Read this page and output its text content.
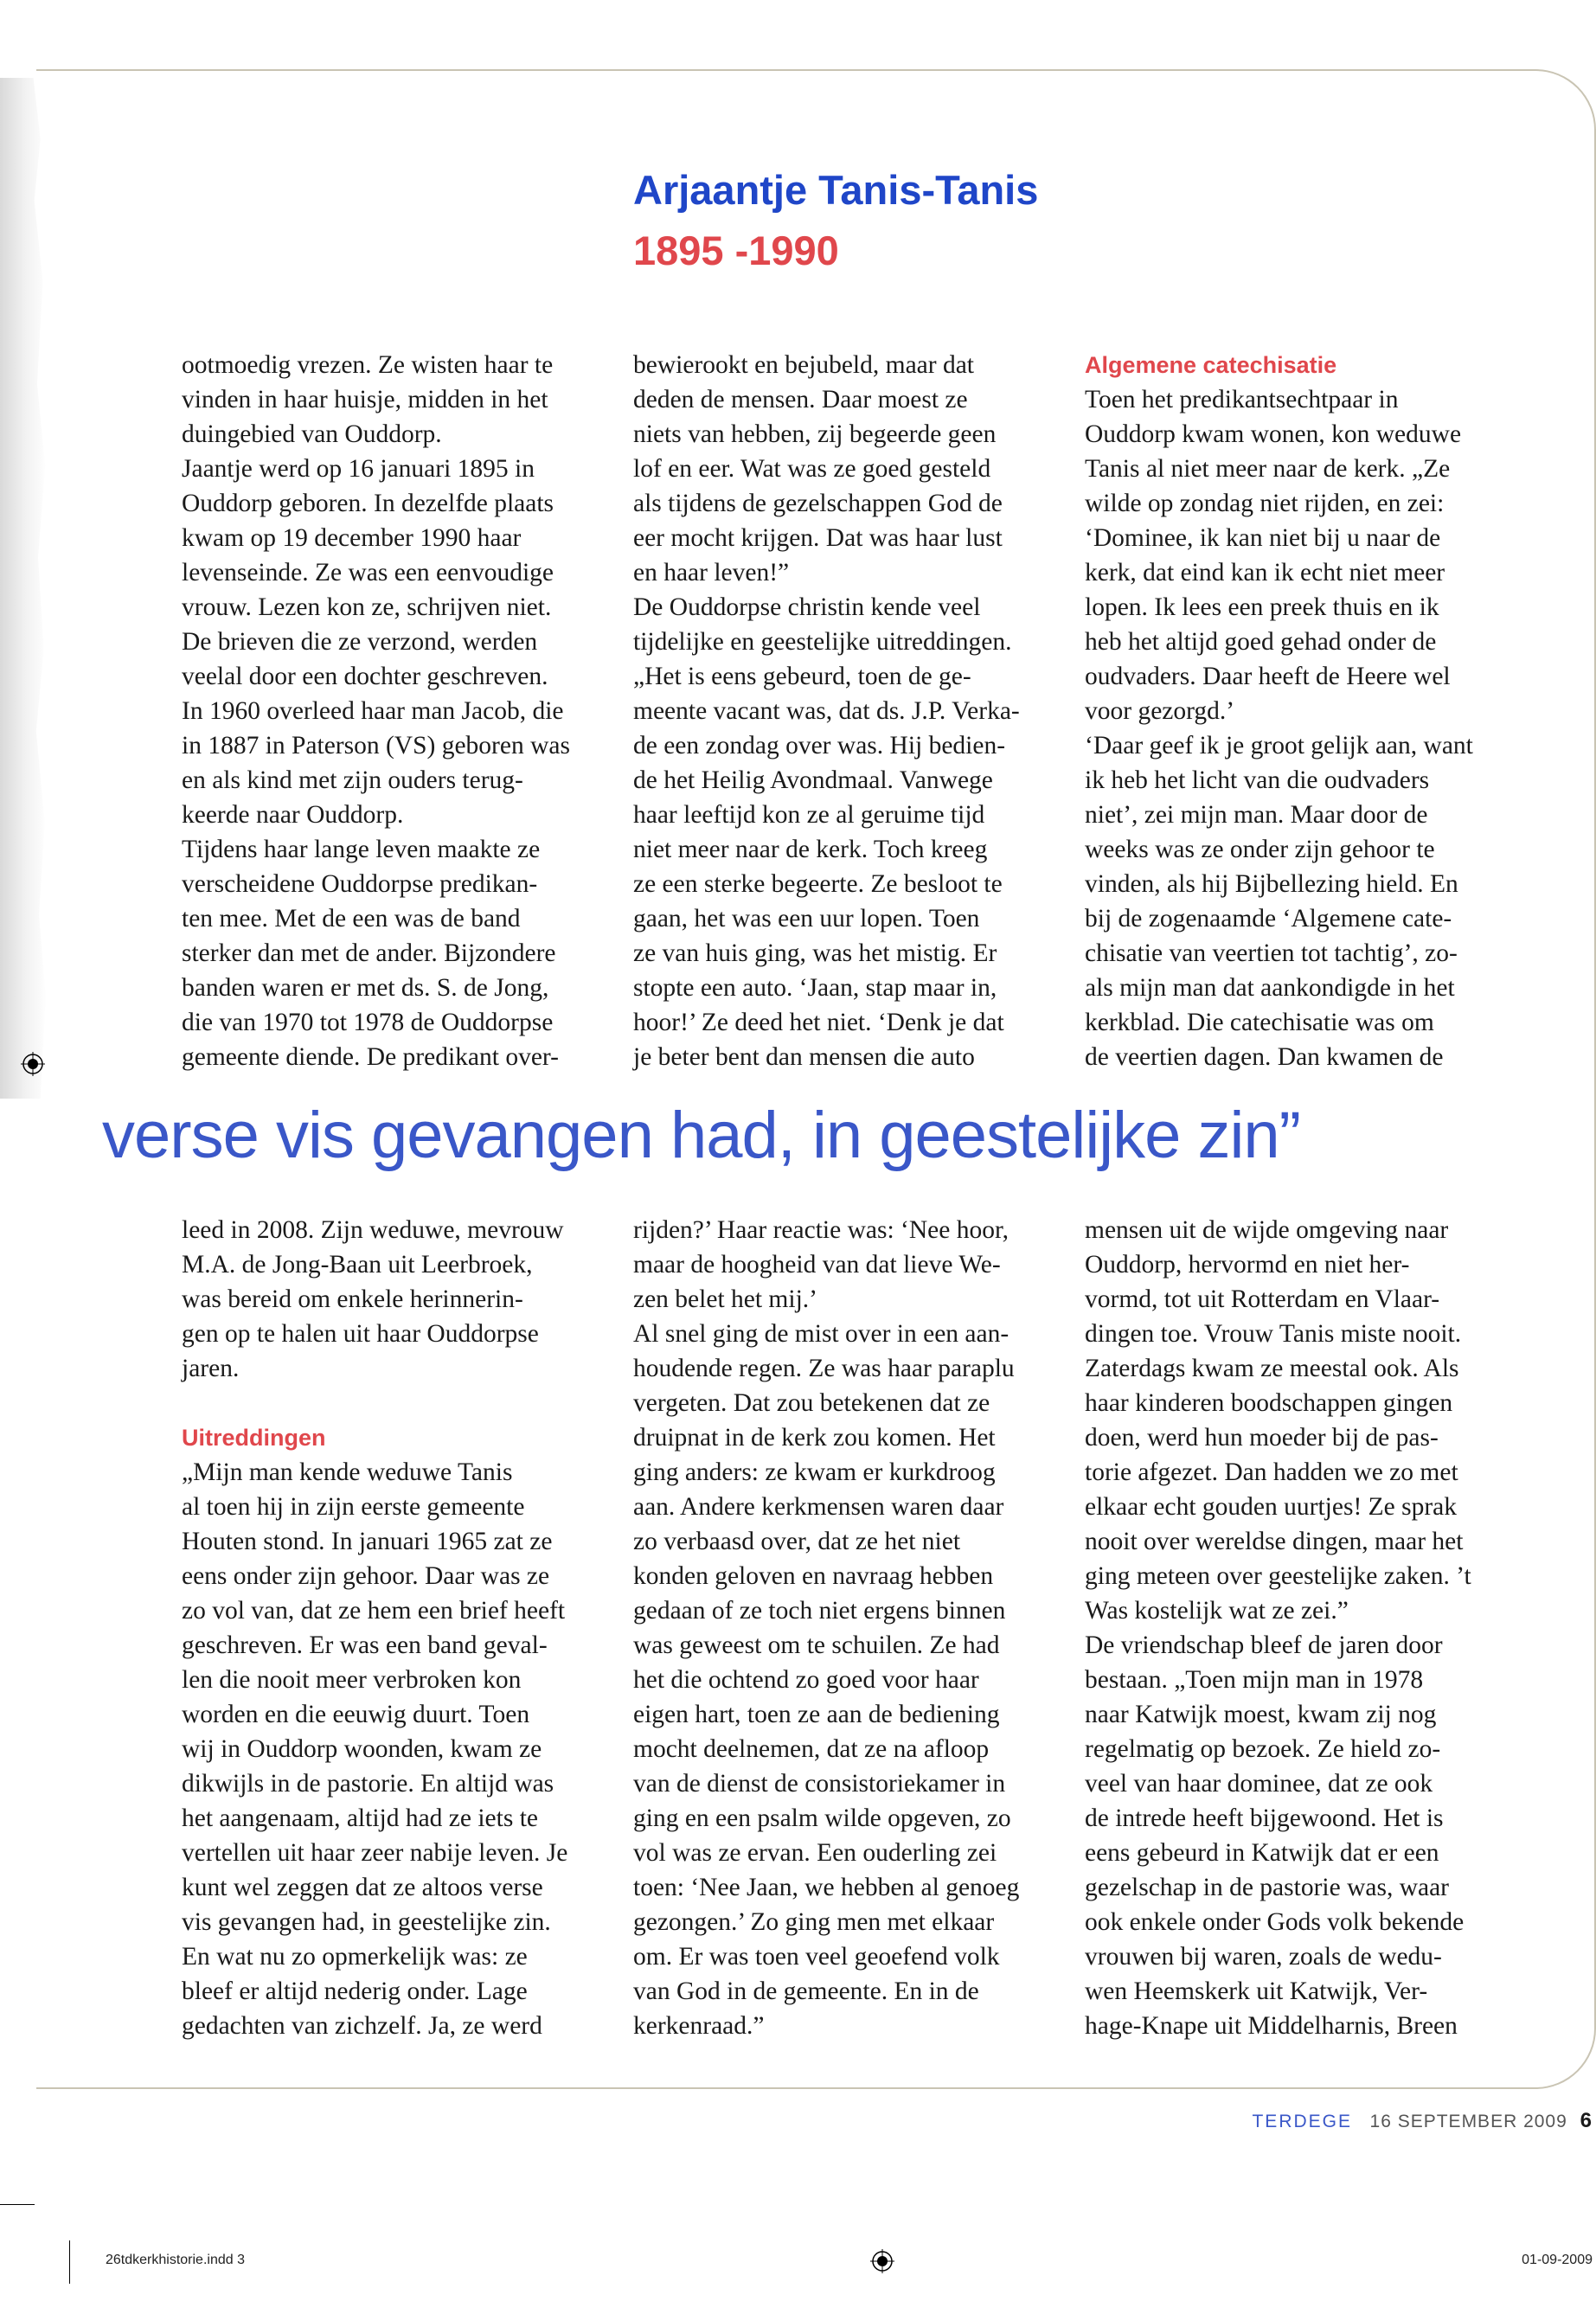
Arjaantje Tanis-Tanis
1895 -1990

ootmoedig vrezen. Ze wisten haar te

vinden in haar huisje, midden in het

duingebied van Ouddorp.

Jaantje werd op 16 januari 1895 in

Ouddorp geboren. In dezelfde plaats

kwam op 19 december 1990 haar

levenseinde. Ze was een eenvoudige

vrouw. Lezen kon ze, schrijven niet.

De brieven die ze verzond, werden

veelal door een dochter geschreven.

In 1960 overleed haar man Jacob, die

in 1887 in Paterson (VS) geboren was

en als kind met zijn ouders terug-

keerde naar Ouddorp.

Tijdens haar lange leven maakte ze

verscheidene Ouddorpse predikan-

ten mee. Met de een was de band

sterker dan met de ander. Bijzondere

banden waren er met ds. S. de Jong,

die van 1970 tot 1978 de Ouddorpse

gemeente diende. De predikant over-

bewierookt en bejubeld, maar dat

deden de mensen. Daar moest ze

niets van hebben, zij begeerde geen

lof en eer. Wat was ze goed gesteld

als tijdens de gezelschappen God de

eer mocht krijgen. Dat was haar lust

en haar leven!”

De Ouddorpse christin kende veel

tijdelijke en geestelijke uitreddingen.

„Het is eens gebeurd, toen de ge-

meente vacant was, dat ds. J.P. Verka-

de een zondag over was. Hij bedien-

de het Heilig Avondmaal. Vanwege

haar leeftijd kon ze al geruime tijd

niet meer naar de kerk. Toch kreeg

ze een sterke begeerte. Ze besloot te

gaan, het was een uur lopen. Toen

ze van huis ging, was het mistig. Er

stopte een auto. ‘Jaan, stap maar in,

hoor!’ Ze deed het niet. ‘Denk je dat

je beter bent dan mensen die auto

Algemene catechisatie

Toen het predikantsechtpaar in

Ouddorp kwam wonen, kon weduwe

Tanis al niet meer naar de kerk. „Ze

wilde op zondag niet rijden, en zei:

‘Dominee, ik kan niet bij u naar de

kerk, dat eind kan ik echt niet meer

lopen. Ik lees een preek thuis en ik

heb het altijd goed gehad onder de

oudvaders. Daar heeft de Heere wel

voor gezorgd.’

‘Daar geef ik je groot gelijk aan, want

ik heb het licht van die oudvaders

niet’, zei mijn man. Maar door de

weeks was ze onder zijn gehoor te

vinden, als hij Bijbellezing hield. En

bij de zogenaamde ‘Algemene cate-

chisatie van veertien tot tachtig’, zo-

als mijn man dat aankondigde in het

kerkblad. Die catechisatie was om

de veertien dagen. Dan kwamen de

verse vis gevangen had, in geestelijke zin”

leed in 2008. Zijn weduwe, mevrouw

M.A. de Jong-Baan uit Leerbroek,

was bereid om enkele herinnerin-

gen op te halen uit haar Ouddorpse

jaren.

Uitreddingen

„Mijn man kende weduwe Tanis

al toen hij in zijn eerste gemeente

Houten stond. In januari 1965 zat ze

eens onder zijn gehoor. Daar was ze

zo vol van, dat ze hem een brief heeft

geschreven. Er was een band geval-

len die nooit meer verbroken kon

worden en die eeuwig duurt. Toen

wij in Ouddorp woonden, kwam ze

dikwijls in de pastorie. En altijd was

het aangenaam, altijd had ze iets te

vertellen uit haar zeer nabije leven. Je

kunt wel zeggen dat ze altoos verse

vis gevangen had, in geestelijke zin.

En wat nu zo opmerkelijk was: ze

bleef er altijd nederig onder. Lage

gedachten van zichzelf. Ja, ze werd

rijden?’ Haar reactie was: ‘Nee hoor,

maar de hoogheid van dat lieve We-

zen belet het mij.’

Al snel ging de mist over in een aan-

houdende regen. Ze was haar paraplu

vergeten. Dat zou betekenen dat ze

druipnat in de kerk zou komen. Het

ging anders: ze kwam er kurkdroog

aan. Andere kerkmensen waren daar

zo verbaasd over, dat ze het niet

konden geloven en navraag hebben

gedaan of ze toch niet ergens binnen

was geweest om te schuilen. Ze had

het die ochtend zo goed voor haar

eigen hart, toen ze aan de bediening

mocht deelnemen, dat ze na afloop

van de dienst de consistoriekamer in

ging en een psalm wilde opgeven, zo

vol was ze ervan. Een ouderling zei

toen: ‘Nee Jaan, we hebben al genoeg

gezongen.’ Zo ging men met elkaar

om. Er was toen veel geoefend volk

van God in de gemeente. En in de

kerkenraad.”

mensen uit de wijde omgeving naar

Ouddorp, hervormd en niet her-

vormd, tot uit Rotterdam en Vlaar-

dingen toe. Vrouw Tanis miste nooit.

Zaterdags kwam ze meestal ook. Als

haar kinderen boodschappen gingen

doen, werd hun moeder bij de pas-

torie afgezet. Dan hadden we zo met

elkaar echt gouden uurtjes! Ze sprak

nooit over wereldse dingen, maar het

ging meteen over geestelijke zaken. ’t

Was kostelijk wat ze zei.”

De vriendschap bleef de jaren door

bestaan. „Toen mijn man in 1978

naar Katwijk moest, kwam zij nog

regelmatig op bezoek. Ze hield zo-

veel van haar dominee, dat ze ook

de intrede heeft bijgewoond. Het is

eens gebeurd in Katwijk dat er een

gezelschap in de pastorie was, waar

ook enkele onder Gods volk bekende

vrouwen bij waren, zoals de wedu-

wen Heemskerk uit Katwijk, Ver-

hage-Knape uit Middelharnis, Breen

TERDEGE 16 SEPTEMBER 2009 6
26tdkerkhistorie.indd 3	01-09-2009
